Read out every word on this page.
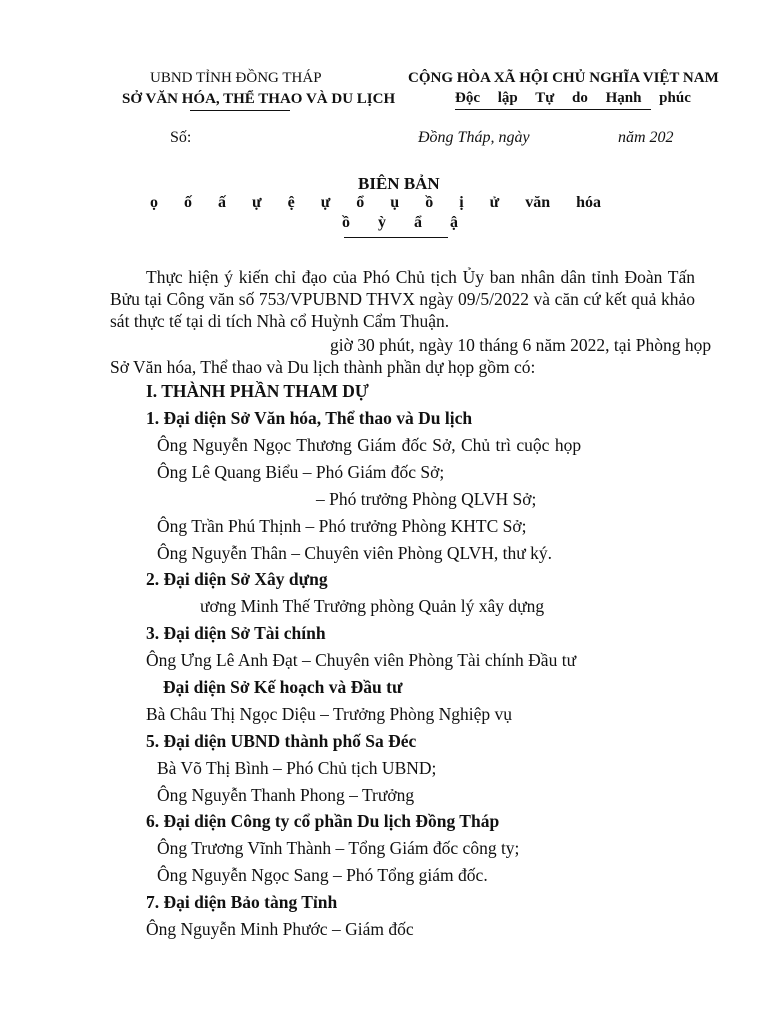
UBND TỈNH ĐỒNG THÁP
SỞ VĂN HÓA, THỂ THAO VÀ DU LỊCH
CỘNG HÒA XÃ HỘI CHỦ NGHĨA VIỆT NAM
Độc lập Tự do Hạnh phúc
Số:	Đồng Tháp, ngày	năm 202
BIÊN BẢN
ọ ố ấ ự ệ ự ổ ụ ồ ị ử văn hóa
ồ ỳ ẩ ậ
Thực hiện ý kiến chỉ đạo của Phó Chủ tịch Ủy ban nhân dân tỉnh Đoàn Tấn Bửu tại Công văn số 753/VPUBND THVX ngày 09/5/2022 và căn cứ kết quả khảo sát thực tế tại di tích Nhà cổ Huỳnh Cẩm Thuận.
giờ 30 phút, ngày 10 tháng 6 năm 2022, tại Phòng họp
Sở Văn hóa, Thể thao và Du lịch thành phần dự họp gồm có:
I. THÀNH PHẦN THAM DỰ
1. Đại diện Sở Văn hóa, Thể thao và Du lịch
Ông Nguyễn Ngọc Thương Giám đốc Sở, Chủ trì cuộc họp
Ông Lê Quang Biểu – Phó Giám đốc Sở;
– Phó trưởng Phòng QLVH Sở;
Ông Trần Phú Thịnh – Phó trưởng Phòng KHTC Sở;
Ông Nguyễn Thân – Chuyên viên Phòng QLVH, thư ký.
2. Đại diện Sở Xây dựng
ương Minh Thế Trưởng phòng Quản lý xây dựng
3. Đại diện Sở Tài chính
Ông Ưng Lê Anh Đạt – Chuyên viên Phòng Tài chính Đầu tư
Đại diện Sở Kế hoạch và Đầu tư
Bà Châu Thị Ngọc Diệu – Trưởng Phòng Nghiệp vụ
5. Đại diện UBND thành phố Sa Đéc
Bà Võ Thị Bình – Phó Chủ tịch UBND;
Ông Nguyễn Thanh Phong – Trưởng
6. Đại diện Công ty cổ phần Du lịch Đồng Tháp
Ông Trương Vĩnh Thành – Tổng Giám đốc công ty;
Ông Nguyễn Ngọc Sang – Phó Tổng giám đốc.
7. Đại diện Bảo tàng Tỉnh
Ông Nguyễn Minh Phước – Giám đốc
